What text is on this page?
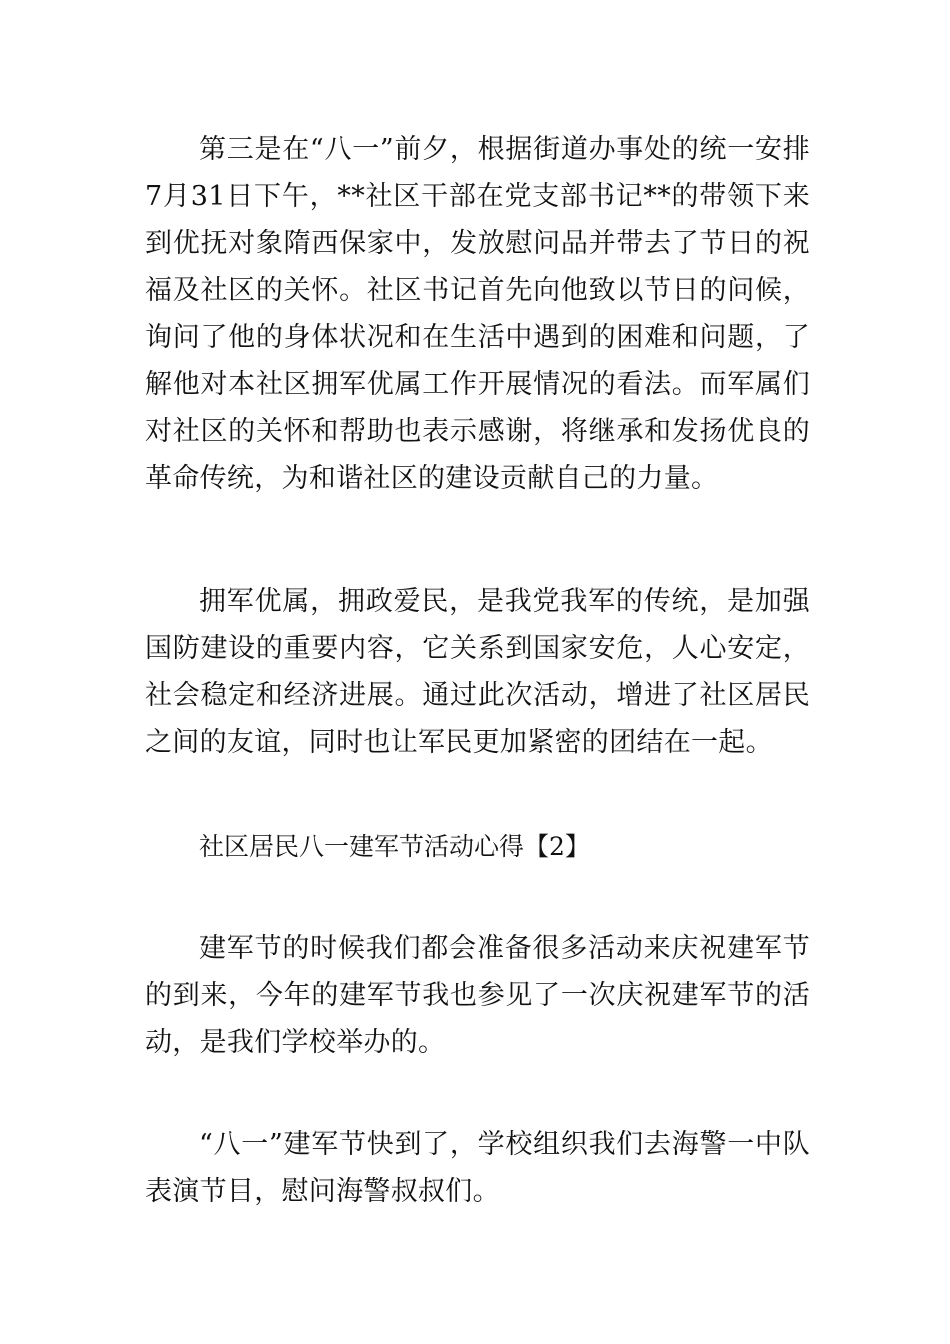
第三是在“八一”前夕，根据街道办事处的统一安排7月31日下午，**社区干部在党支部书记**的带领下来到优抚对象隋西保家中，发放慰问品并带去了节日的祝福及社区的关怀。社区书记首先向他致以节日的问候，询问了他的身体状况和在生活中遇到的困难和问题，了解他对本社区拥军优属工作开展情况的看法。而军属们对社区的关怀和帮助也表示感谢，将继承和发扬优良的革命传统，为和谐社区的建设贡献自己的力量。

拥军优属，拥政爱民，是我党我军的传统，是加强国防建设的重要内容，它关系到国家安危，人心安定，社会稳定和经济进展。通过此次活动，增进了社区居民之间的友谊，同时也让军民更加紧密的团结在一起。

社区居民八一建军节活动心得【2】

建军节的时候我们都会准备很多活动来庆祝建军节的到来，今年的建军节我也参见了一次庆祝建军节的活动，是我们学校举办的。

“八一”建军节快到了，学校组织我们去海警一中队表演节目，慰问海警叔叔们。
